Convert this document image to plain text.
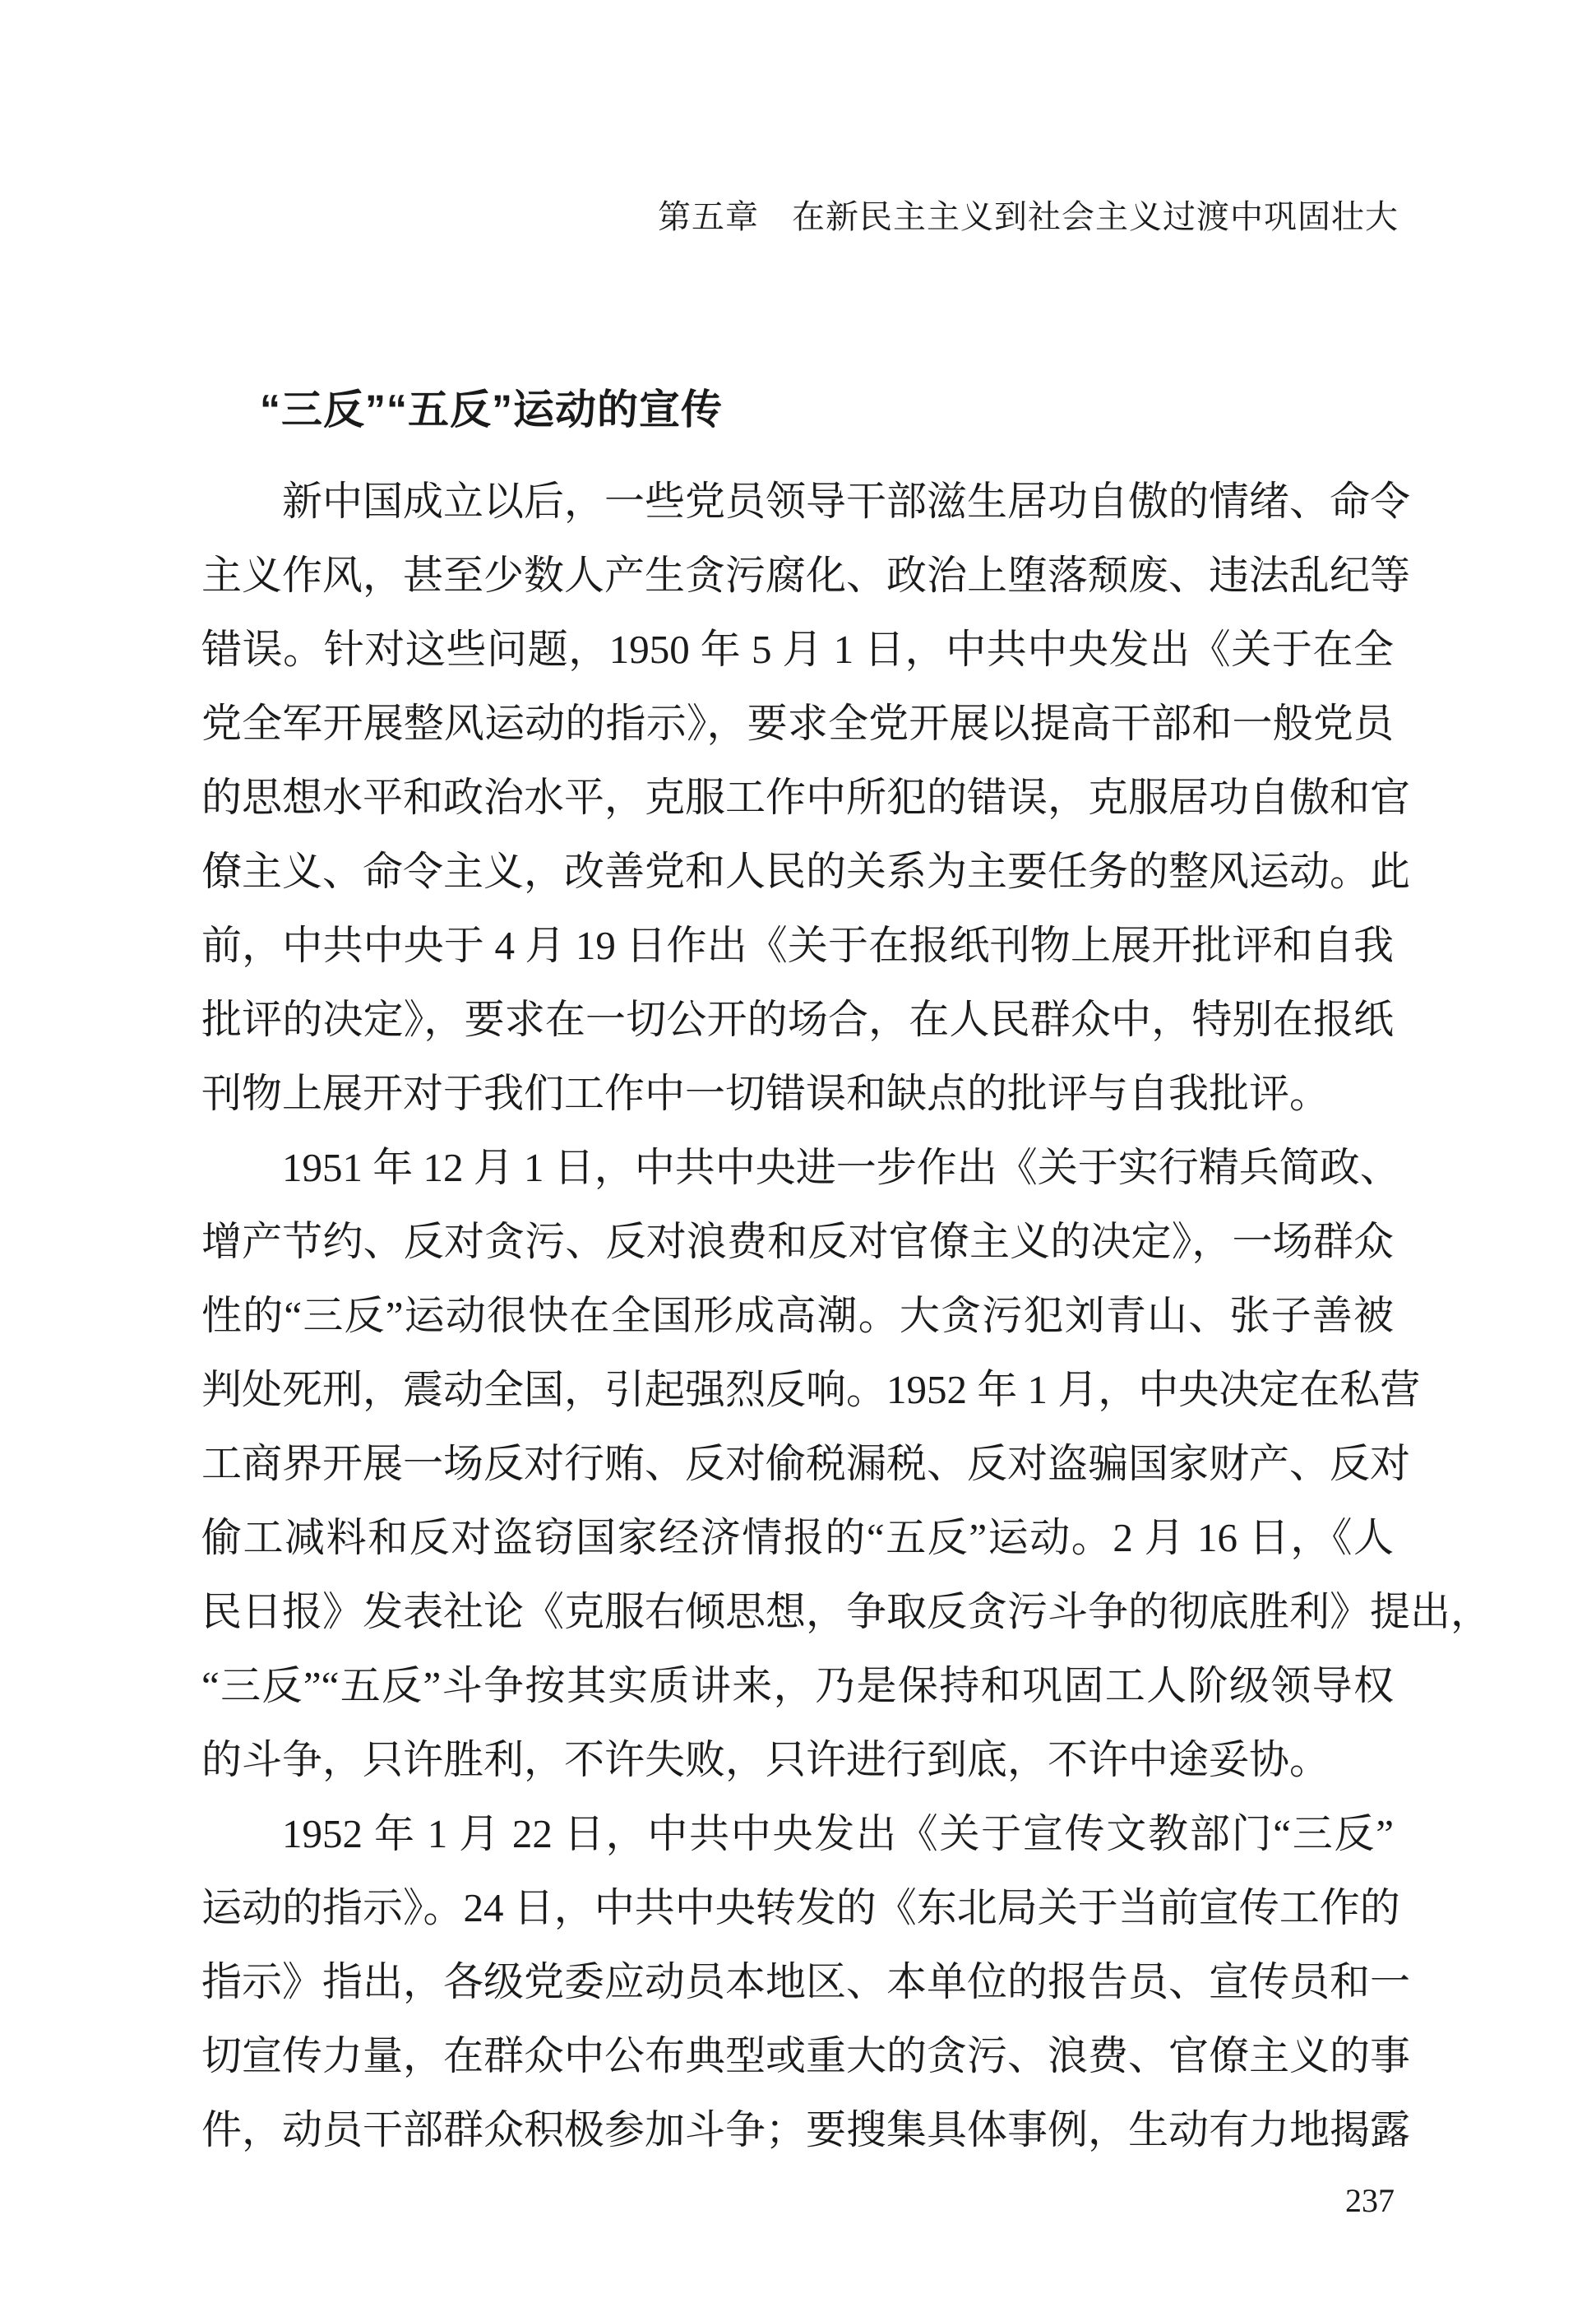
第五章 在新民主主义到社会主义过渡中巩固壮大
“三反”“五反”运动的宣传
新中国成立以后，一些党员领导干部滋生居功自傲的情绪、命令
主义作风，甚至少数人产生贪污腐化、政治上堕落颓废、违法乱纪等
错误。针对这些问题，1950 年 5 月 1 日，中共中央发出《关于在全
党全军开展整风运动的指示》，要求全党开展以提高干部和一般党员
的思想水平和政治水平，克服工作中所犯的错误，克服居功自傲和官
僚主义、命令主义，改善党和人民的关系为主要任务的整风运动。此
前，中共中央于 4 月 19 日作出《关于在报纸刊物上展开批评和自我
批评的决定》，要求在一切公开的场合，在人民群众中，特别在报纸
刊物上展开对于我们工作中一切错误和缺点的批评与自我批评。
1951 年 12 月 1 日，中共中央进一步作出《关于实行精兵简政、
增产节约、反对贪污、反对浪费和反对官僚主义的决定》，一场群众
性的“三反”运动很快在全国形成高潮。大贪污犯刘青山、张子善被
判处死刑，震动全国，引起强烈反响。1952 年 1 月，中央决定在私营
工商界开展一场反对行贿、反对偷税漏税、反对盗骗国家财产、反对
偷工减料和反对盗窃国家经济情报的“五反”运动。2 月 16 日，《人
民日报》发表社论《克服右倾思想，争取反贪污斗争的彻底胜利》提出，
“三反”“五反”斗争按其实质讲来，乃是保持和巩固工人阶级领导权
的斗争，只许胜利，不许失败，只许进行到底，不许中途妥协。
1952 年 1 月 22 日，中共中央发出《关于宣传文教部门“三反”
运动的指示》。24 日，中共中央转发的《东北局关于当前宣传工作的
指示》指出，各级党委应动员本地区、本单位的报告员、宣传员和一
切宣传力量，在群众中公布典型或重大的贪污、浪费、官僚主义的事
件，动员干部群众积极参加斗争；要搜集具体事例，生动有力地揭露
237
